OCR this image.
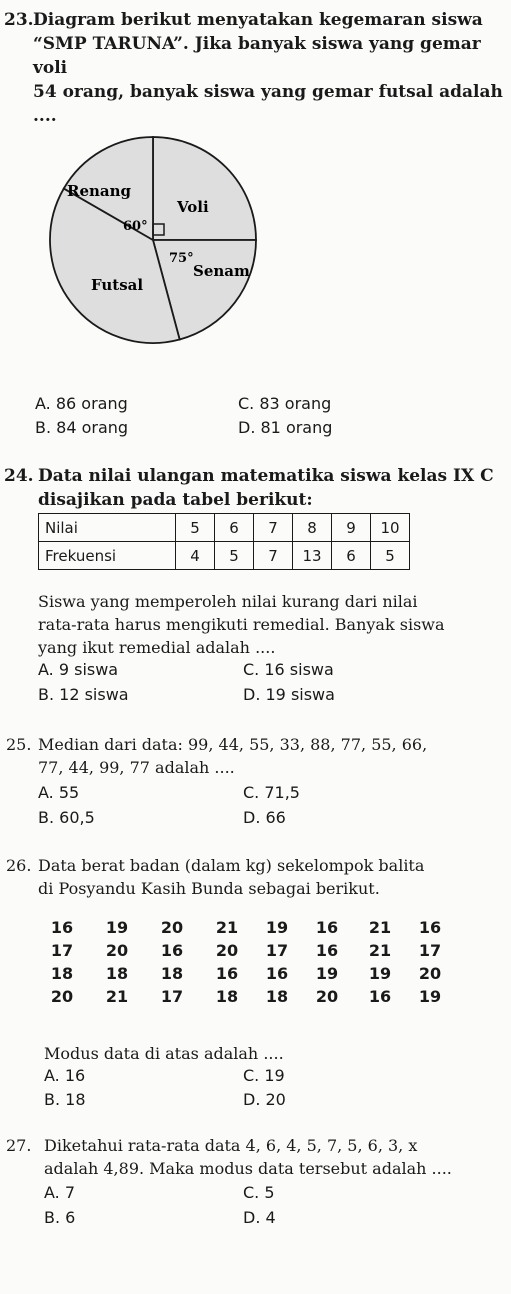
23. Diagram berikut menyatakan kegemaran siswa
“SMP TARUNA”. Jika banyak siswa yang gemar voli
54 orang, banyak siswa yang gemar futsal adalah
....
Renang
Voli
60°
75°
Senam
Futsal
A. 86 orang
B. 84 orang
C. 83 orang
D. 81 orang
24. Data nilai ulangan matematika siswa kelas IX C
disajikan pada tabel berikut:
Nilai	5	6	7	8	9	10
Frekuensi	4	5	7	13	6	5
Siswa yang memperoleh nilai kurang dari nilai
rata-rata harus mengikuti remedial. Banyak siswa
yang ikut remedial adalah ....
A. 9 siswa
B. 12 siswa
C. 16 siswa
D. 19 siswa
25. Median dari data: 99, 44, 55, 33, 88, 77, 55, 66,
77, 44, 99, 77 adalah ....
A. 55
B. 60,5
C. 71,5
D. 66
26. Data berat badan (dalam kg) sekelompok balita
di Posyandu Kasih Bunda sebagai berikut.
16	19	20	21	19	16	21	16
17	20	16	20	17	16	21	17
18	18	18	16	16	19	19	20
20	21	17	18	18	20	16	19
Modus data di atas adalah ....
A. 16
B. 18
C. 19
D. 20
27. Diketahui rata-rata data 4, 6, 4, 5, 7, 5, 6, 3, x
adalah 4,89. Maka modus data tersebut adalah ....
A. 7
B. 6
C. 5
D. 4
